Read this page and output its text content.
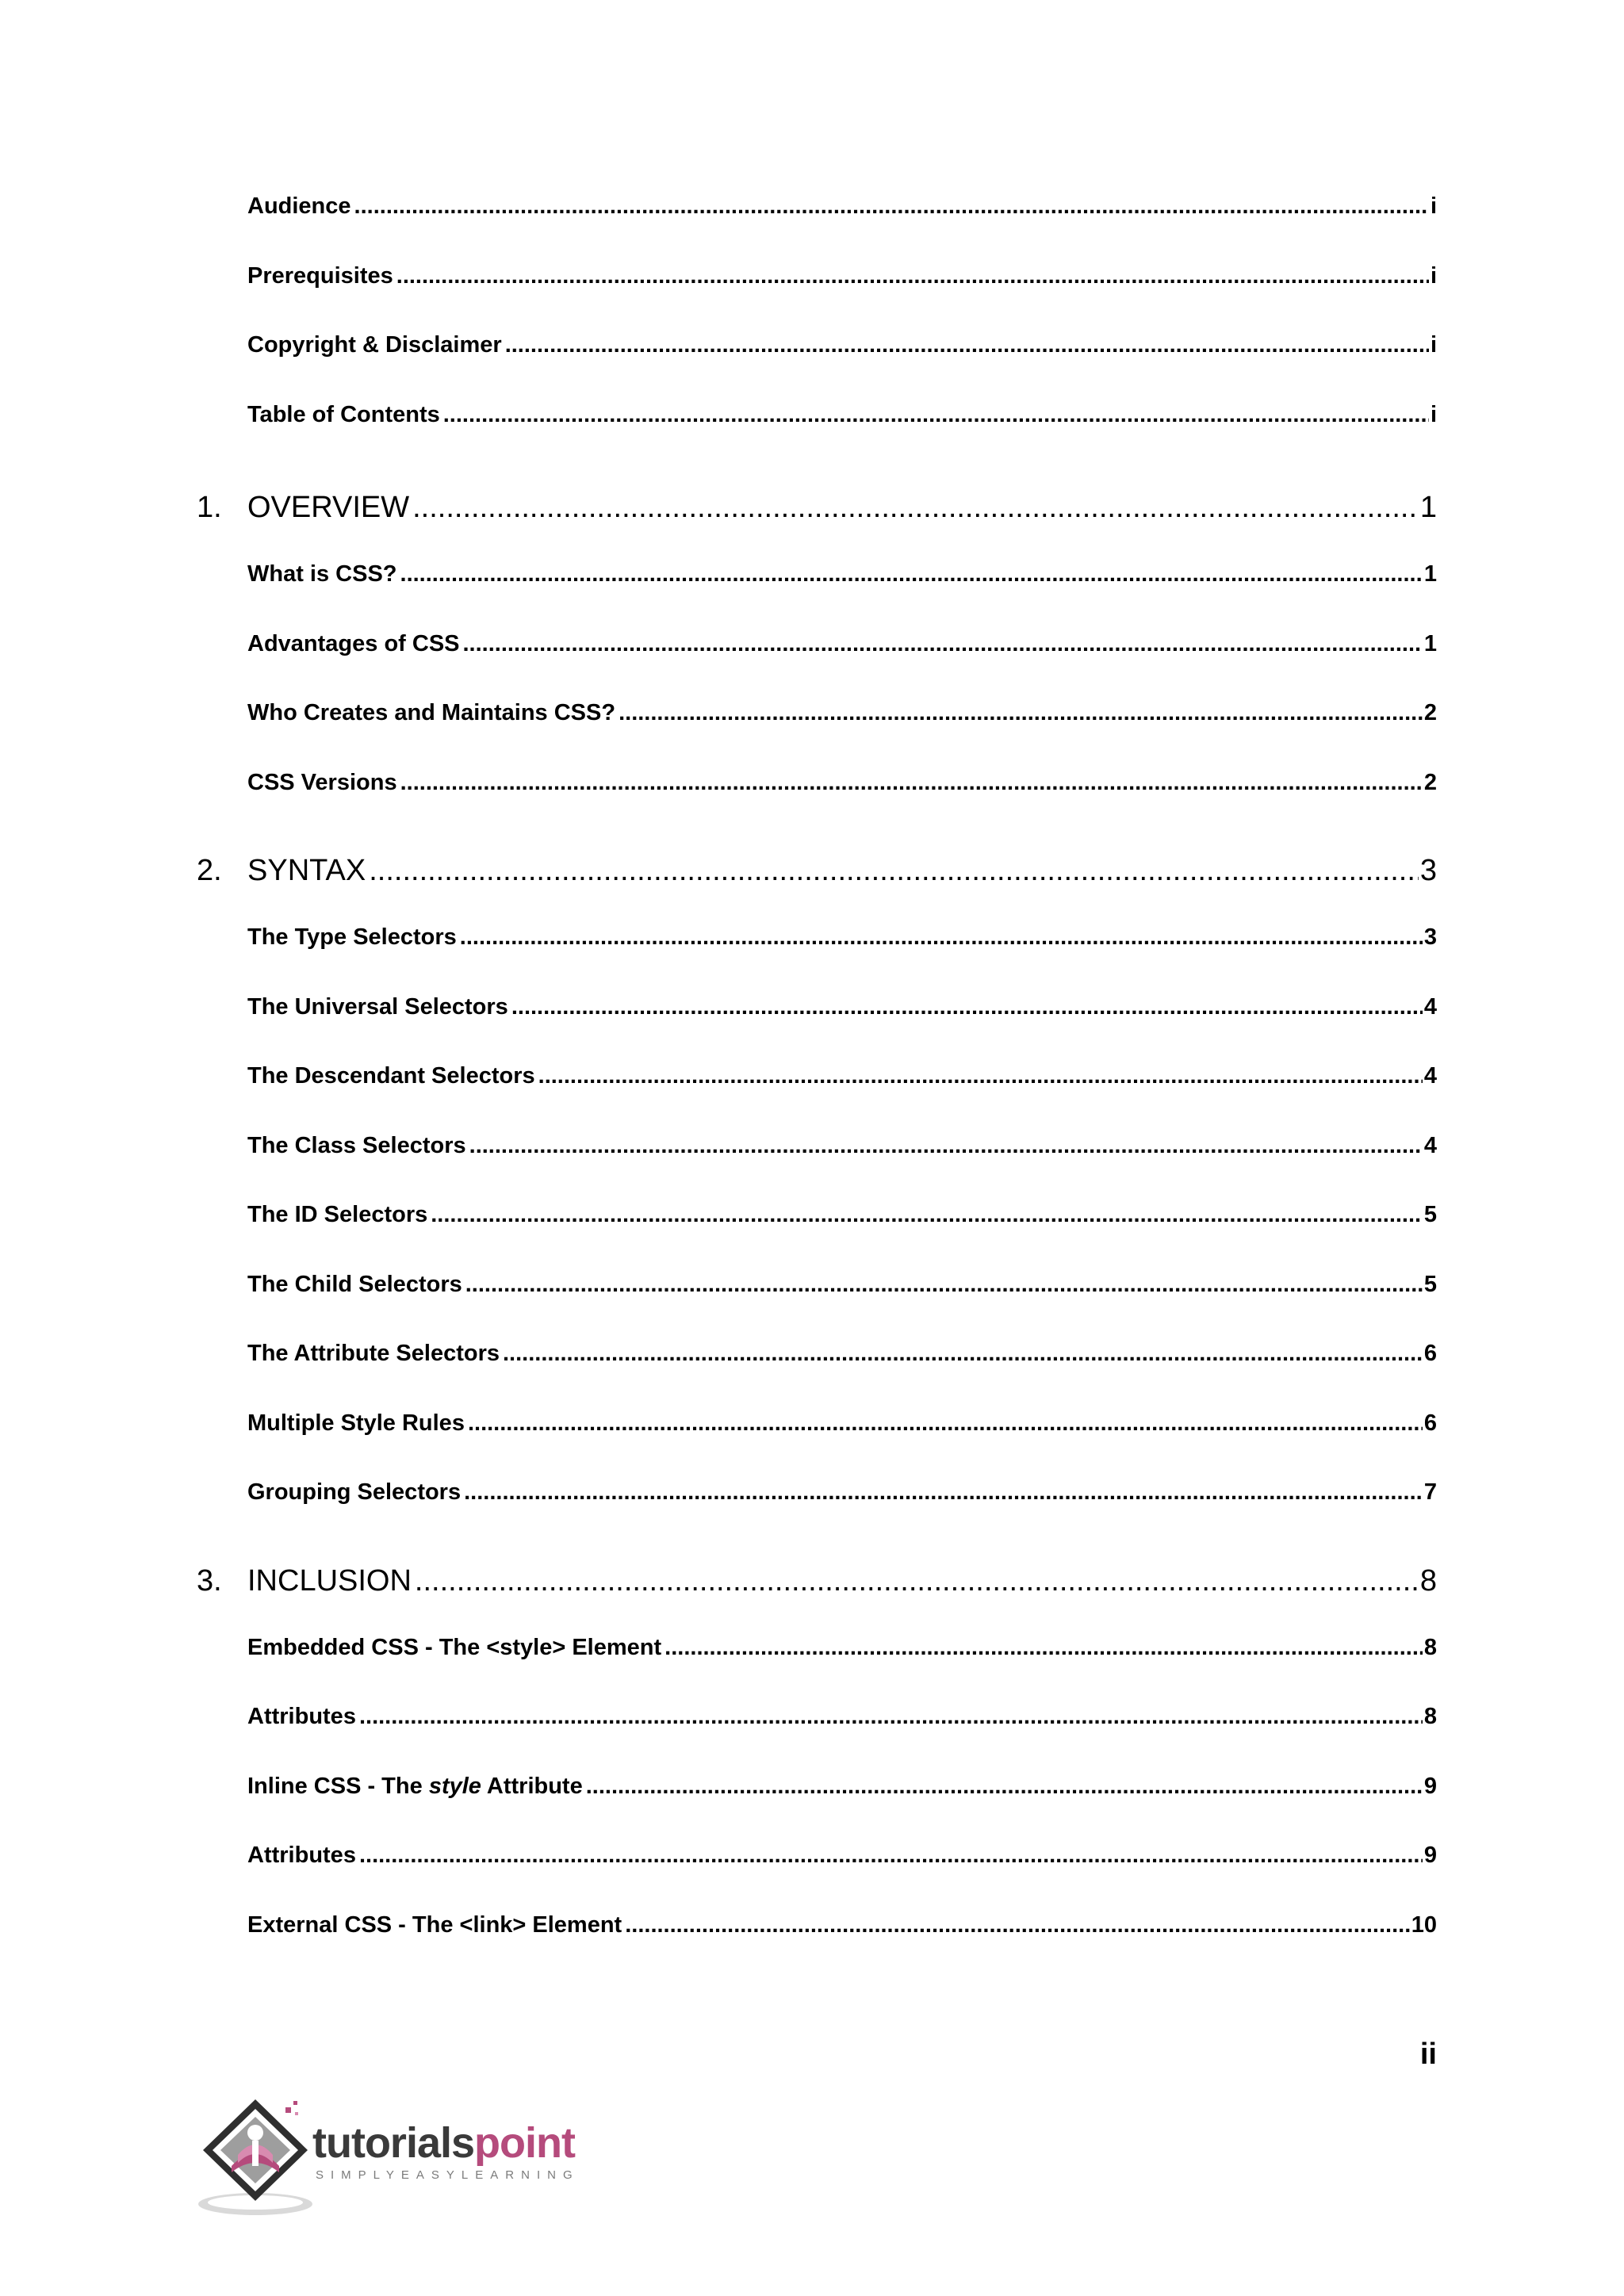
Audience .....	i
Prerequisites .....	i
Copyright & Disclaimer .....	i
Table of Contents .....	i
1. OVERVIEW .....	1
What is CSS? .....	1
Advantages of CSS .....	1
Who Creates and Maintains CSS? .....	2
CSS Versions .....	2
2. SYNTAX .....	3
The Type Selectors .....	3
The Universal Selectors .....	4
The Descendant Selectors .....	4
The Class Selectors .....	4
The ID Selectors .....	5
The Child Selectors .....	5
The Attribute Selectors .....	6
Multiple Style Rules .....	6
Grouping Selectors .....	7
3. INCLUSION .....	8
Embedded CSS - The <style> Element .....	8
Attributes .....	8
Inline CSS - The style Attribute .....	9
Attributes .....	9
External CSS - The <link> Element .....	10
ii
tutorialspoint
SIMPLYEASYLEARNING
